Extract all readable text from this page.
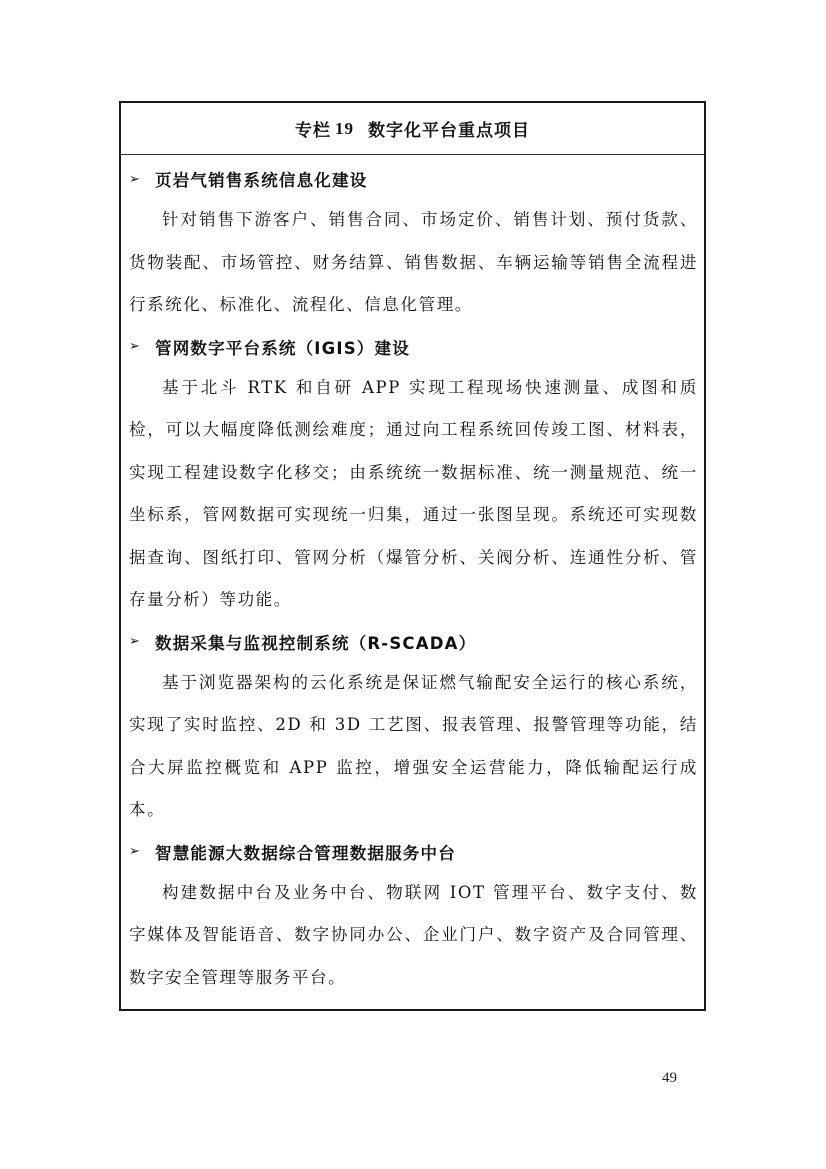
专栏 19 数字化平台重点项目
➢ 页岩气销售系统信息化建设

针对销售下游客户、销售合同、市场定价、销售计划、预付货款、货物装配、市场管控、财务结算、销售数据、车辆运输等销售全流程进行系统化、标准化、流程化、信息化管理。

➢ 管网数字平台系统（IGIS）建设

基于北斗 RTK 和自研 APP 实现工程现场快速测量、成图和质检，可以大幅度降低测绘难度；通过向工程系统回传竣工图、材料表，实现工程建设数字化移交；由系统统一数据标准、统一测量规范、统一坐标系，管网数据可实现统一归集，通过一张图呈现。系统还可实现数据查询、图纸打印、管网分析（爆管分析、关阀分析、连通性分析、管存量分析）等功能。

➢ 数据采集与监视控制系统（R-SCADA）

基于浏览器架构的云化系统是保证燃气输配安全运行的核心系统，实现了实时监控、2D 和 3D 工艺图、报表管理、报警管理等功能，结合大屏监控概览和 APP 监控，增强安全运营能力，降低输配运行成本。

➢ 智慧能源大数据综合管理数据服务中台

构建数据中台及业务中台、物联网 IOT 管理平台、数字支付、数字媒体及智能语音、数字协同办公、企业门户、数字资产及合同管理、数字安全管理等服务平台。

49
